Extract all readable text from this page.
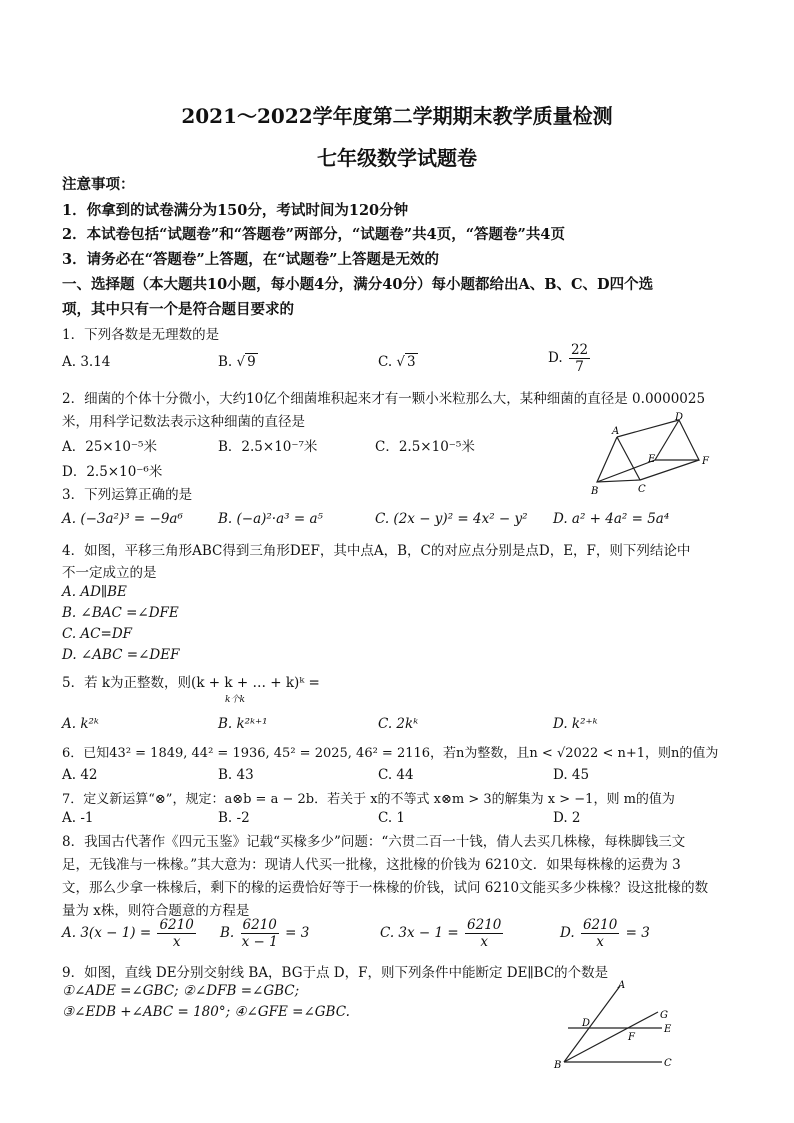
2021～2022学年度第二学期期末教学质量检测
七年级数学试题卷
注意事项：
1．你拿到的试卷满分为150分，考试时间为120分钟
2．本试卷包括“试题卷”和“答题卷”两部分，“试题卷”共4页，“答题卷”共4页
3．请务必在“答题卷”上答题，在“试题卷”上答题是无效的
一、选择题（本大题共10小题，每小题4分，满分40分）每小题都给出A、B、C、D四个选
项，其中只有一个是符合题目要求的
1．下列各数是无理数的是
A. 3.14	B. √ 9	C. √ 3	D. $\frac{22}{7}$
2．细菌的个体十分微小，大约10亿个细菌堆积起来才有一颗小米粒那么大，某种细菌的直径是 0.0000025
米，用科学记数法表示这种细菌的直径是
A．25×10⁻⁵米	B．2.5×10⁻⁷米	C．2.5×10⁻⁵米
D．2.5×10⁻⁶米
A
B	C
D
E	F
3．下列运算正确的是
A. (−3a²)³ = −9a⁶	B. (−a)²·a³ = a⁵	C. (2x − y)² = 4x² − y² D. a² + 4a² = 5a⁴
4．如图，平移三角形ABC得到三角形DEF，其中点A，B，C的对应点分别是点D，E，F，则下列结论中
不一定成立的是
A. AD∥BE
B. ∠BAC =∠DFE
C. AC=DF
D. ∠ABC =∠DEF
5．若 k为正整数，则(k + k + … + k)ᵏ =
k个k
A. k²ᵏ	B. k²ᵏ⁺¹	C. 2kᵏ	D. k²⁺ᵏ
6．已知43² = 1849, 44² = 1936, 45² = 2025, 46² = 2116，若n为整数，且n < √2022 < n+1，则n的值为
A. 42	B. 43	C. 44	D. 45
7．定义新运算“⊗”，规定：a⊗b = a − 2b．若关于 x的不等式 x⊗m > 3的解集为 x > −1，则 m的值为
A. -1	B. -2	C. 1	D. 2
8．我国古代著作《四元玉鉴》记载“买椽多少”问题：“六贯二百一十钱，倩人去买几株椽，每株脚钱三文
足，无钱准与一株椽。”其大意为：现请人代买一批椽，这批椽的价钱为 6210文．如果每株椽的运费为 3
文，那么少拿一株椽后，剩下的椽的运费恰好等于一株椽的价钱，试问 6210文能买多少株椽？设这批椽的数
量为 x株，则符合题意的方程是
A. $3(x - 1) = \frac{6210}{x} B$. $\frac{6210}{x - 1} = 3$	C. $3x - 1 = \frac{6210}{x}$	D. $\frac{6210}{x} = 3$
9．如图，直线 DE分别交射线 BA，BG于点 D，F，则下列条件中能断定 DE∥BC的个数是
①∠ADE =∠GBC; ②∠DFB =∠GBC;
③∠EDB +∠ABC = 180°; ④∠GFE =∠GBC.
A
D
G
E
F
B	C
